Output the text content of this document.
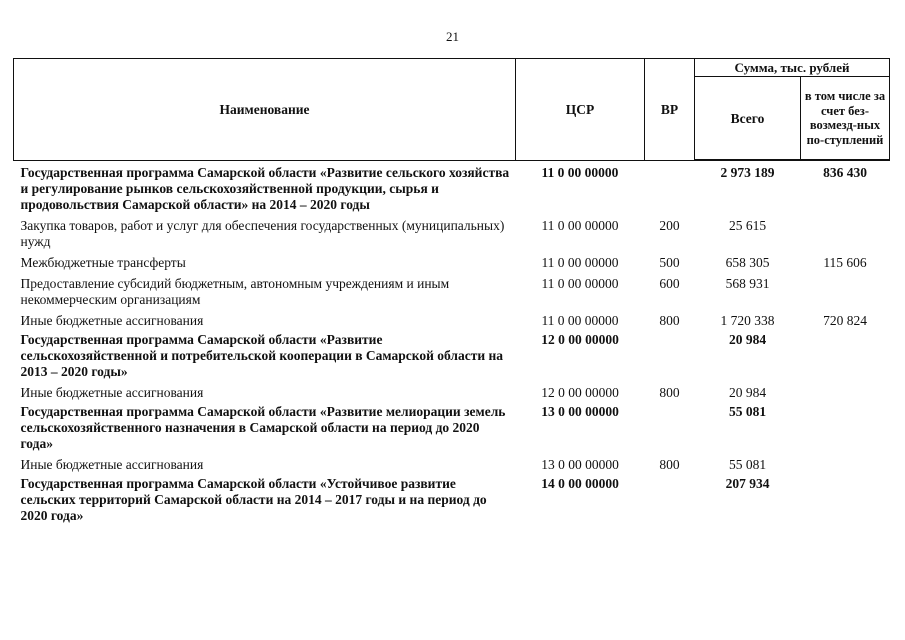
21
Наименование	ЦСР	ВР	Сумма, тыс. рублей	
			Всего	в том числе за счет без-возмезд-ных по-ступлений
Государственная программа Самарской области «Развитие сельского хозяйства и регулирование рынков сельскохозяйственной продукции, сырья и продовольствия Самарской области» на 2014 – 2020 годы	11 0 00 00000		2 973 189	836 430
Закупка товаров, работ и услуг для обеспечения государственных (муниципальных) нужд	11 0 00 00000	200	25 615	
Межбюджетные трансферты	11 0 00 00000	500	658 305	115 606
Предоставление субсидий бюджетным, автономным учреждениям и иным некоммерческим организациям	11 0 00 00000	600	568 931	
Иные бюджетные ассигнования	11 0 00 00000	800	1 720 338	720 824
Государственная программа Самарской области «Развитие сельскохозяйственной и потребительской кооперации в Самарской области на 2013 – 2020 годы»	12 0 00 00000		20 984	
Иные бюджетные ассигнования	12 0 00 00000	800	20 984	
Государственная программа Самарской области «Развитие мелиорации земель сельскохозяйственного назначения в Самарской области на период до 2020 года»	13 0 00 00000		55 081	
Иные бюджетные ассигнования	13 0 00 00000	800	55 081	
Государственная программа Самарской области «Устойчивое развитие сельских территорий Самарской области на 2014 – 2017 годы и на период до 2020 года»	14 0 00 00000		207 934	
